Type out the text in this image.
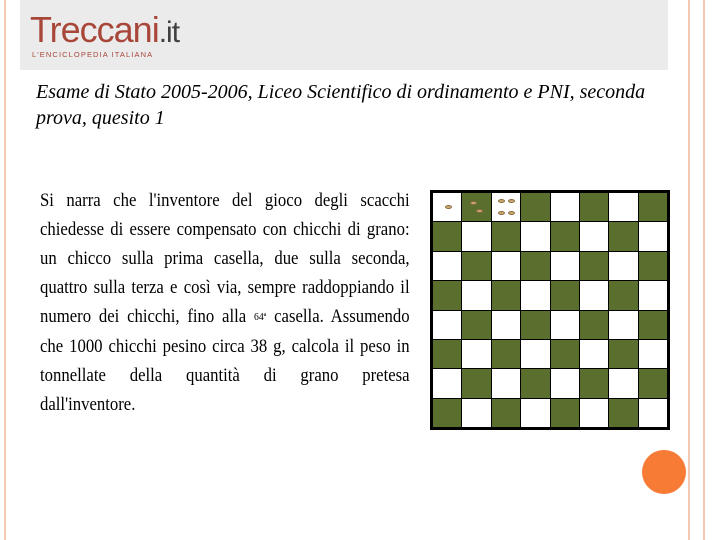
Treccani.it
L'ENCICLOPEDIA ITALIANA
Esame di Stato 2005-2006, Liceo Scientifico di ordinamento e PNI, seconda prova, quesito 1
Si narra che l'inventore del gioco degli scacchi chiedesse di essere compensato con chicchi di grano: un chicco sulla prima casella, due sulla seconda, quattro sulla terza e così via, sempre raddoppiando il numero dei chicchi, fino alla 64ª casella. Assumendo che 1000 chicchi pesino circa 38 g, calcola il peso in tonnellate della quantità di grano pretesa dall'inventore.
